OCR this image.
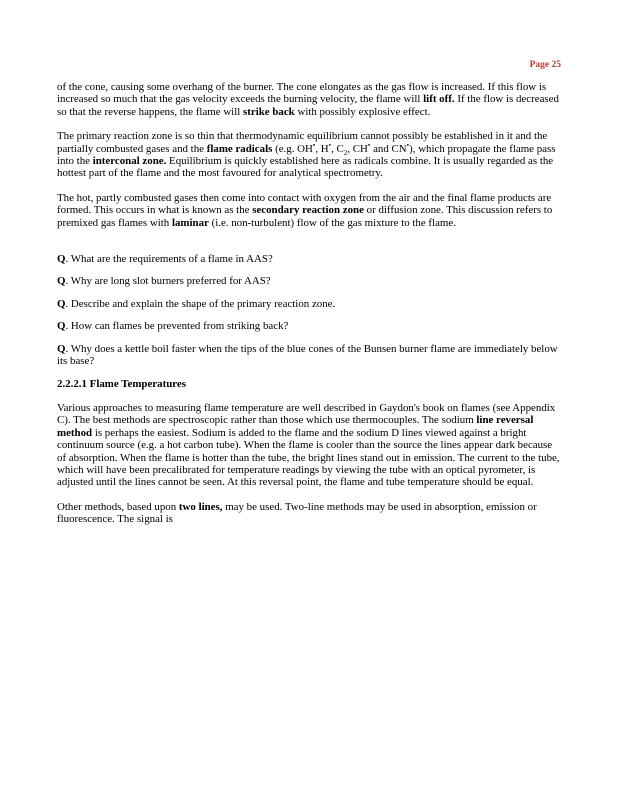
Page 25

of the cone, causing some overhang of the burner. The cone elongates as the gas flow is increased. If this flow is increased so much that the gas velocity exceeds the burning velocity, the flame will lift off. If the flow is decreased so that the reverse happens, the flame will strike back with possibly explosive effect.

The primary reaction zone is so thin that thermodynamic equilibrium cannot possibly be established in it and the partially combusted gases and the flame radicals (e.g. OH•, H•, $C_2$, CH• and CN•), which propagate the flame pass into the interconal zone. Equilibrium is quickly established here as radicals combine. It is usually regarded as the hottest part of the flame and the most favoured for analytical spectrometry.

The hot, partly combusted gases then come into contact with oxygen from the air and the final flame products are formed. This occurs in what is known as the secondary reaction zone or diffusion zone. This discussion refers to premixed gas flames with laminar (i.e. non-turbulent) flow of the gas mixture to the flame.

Q. What are the requirements of a flame in AAS?
Q. Why are long slot burners preferred for AAS?
Q. Describe and explain the shape of the primary reaction zone.
Q. How can flames be prevented from striking back?
Q. Why does a kettle boil faster when the tips of the blue cones of the Bunsen burner flame are immediately below its base?
2.2.2.1 Flame Temperatures

Various approaches to measuring flame temperature are well described in Gaydon's book on flames (see Appendix C). The best methods are spectroscopic rather than those which use thermocouples. The sodium line reversal method is perhaps the easiest. Sodium is added to the flame and the sodium D lines viewed against a bright continuum source (e.g. a hot carbon tube). When the flame is cooler than the source the lines appear dark because of absorption. When the flame is hotter than the tube, the bright lines stand out in emission. The current to the tube, which will have been precalibrated for temperature readings by viewing the tube with an optical pyrometer, is adjusted until the lines cannot be seen. At this reversal point, the flame and tube temperature should be equal.

Other methods, based upon two lines, may be used. Two-line methods may be used in absorption, emission or fluorescence. The signal is
